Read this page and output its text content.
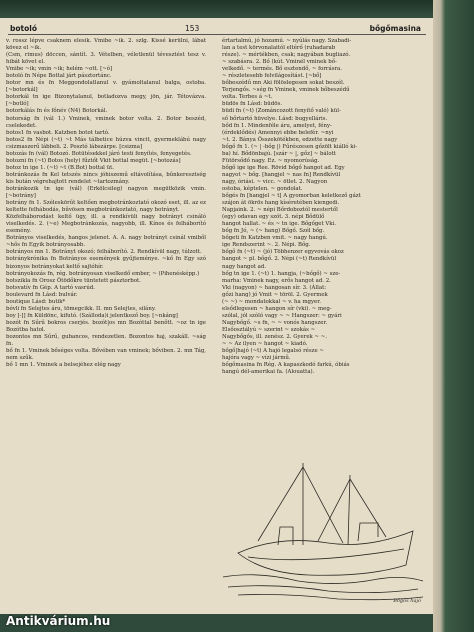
botoló	153	bőgőmasina

v. rossz lépve csaknem elesik. Vmibe ~ik. 2. szlg. Kissé kerülni, lábat kövez el ~ik.

(Csm, rimus) döccen, sántít. 3. Vételben, véletlenül tévesztést tesz v. hibát követ el.

Vmibe ~ik; vmin ~ik; helém ~ott. [~ó]

botoló fn Népe Bottal járt pásztortánc.

botor mn és fn Meggondolatlanul v. gyámoltalanul balga, ostoba. [~botorkál]

botorkál tn ige Bizonytalanul, botladozva megy, jön, jár. Tétovázva. [~botló]

botorkálás fn és főnév (N4) Botorkál.

botorság fn (vál 1.) Vminek, vminek botor volta. 2. Botor beszéd, cselekedet.

botos1 fn vasbot. Katzben botot tartó.

botos2 fn Népi (~t) ~t Más tálbetice húzva vincit, gyermeklábú nagy csizmaszerű lábbeli. 2. Posztó lábszárpe. [csizma]

botozás fn (vál) Botozó. Botütésekkel járó testi fenyítés, fenyegetés.

botozni fn (~t) Botos (hely) fűztőt Vkit bottal megüt. [~botozás]

botoz tn ige 1. (~t) ~t (B.Bot) bottal üt.

botránkozás fn Kel tetszés nincs jóhiszemű eltávolítása, bűnkeresztség kis bután végrehajtott rendelet ~tartozmány.

botránkozik tn ige (vál) (Erkölcsileg) nagyon megütközik vmin. [~botrány]

botrány fn 1. Széleskörűt keltően megbotránkoztató okozó eset, ill. az ez keltette felhábodás, bűvösen megbotránkoztató, nagy botrányt.

Közfelháborodást keltő ügy, ill. a rendkívüli nagy botrányt csináló viselkedés. 2. (~e) Megbotránkozás, nagyobb, ill. Kínos és felháborító esemény.

Botrányos viselkedés, hangos jelenet. A. A. nagy botrányt csinál vmiből ~hős fn Egyik botrányosabb.

botrányos mn 1. Botrányt okozó; felháborító. 2. Rendkívül nagy, túlzott.

botránykrónika fn Botrányos események gyűjteménye. ~kő fn Egy szó bizonyos botrányokat keltő sajtóhír.

botrányokozás fn, rég. botrányosan viselkedő ember, ~ (Pihenésképp.)

botszikla fn Orosz Ötödőkre tüntetett pásztorbot.

botsvatív fn Gép. A tartó vasrúd.

boulevard fn Lásd: bulvár.

boutique Lásd: butik*

bóvli fn Selejtes áru, tömegcikk. II. mn Selejtes, silány.

boy [-]] fn Küldönc, kifutó. (Szálloda)i jelentkező boy. [~nkáng]

bozót fn Sűrű bokros cserjés. bozót|os mn Bozóttal benőtt. ~oz tn ige Bozótba hatol.

bozontos mn Sűrű, gubancos, rendezetlen. Bozontos haj, szakáll. ~ság fn.

bő fn 1. Vminek bőséges volta. Bővében van vminek; bőviben. 2. mn Tág, nem szűk.

bő 1 mn 1. Vminek a belsejéhez elég nagy

értartalmú, jó hozamú. ~ nyúlás nagy. Szabadi-

lan a test körvonalaitól eltérő (ruhadarab

része). ~ mértékben, csak; nagyában bugliazó.

~ szabásra. 2. Bő (kút. Vminél vminek bő-

velkedő. ~ termés. Bő esztendő, ~ forrásra.

~ részletesebb felvilágosítást. [~bő]

bőbeszédű mn Aki fölöslegesen sokat beszél.

Terjengős. ~ség fn Vminek, vminek bőbeszédű

volta. Terbes á ~t.

büdös fn Lásd: büdös.

büdi fn (~t) (Zománcozott fenyítő való) kül-

ső bőrtartó hüvelye. Lásd: bugyelláris.

bőd fn 1. Mindenféle áru, amelyet, fény-

(érdeklődés) Amennyi ebbe belefér. ~nyi

~t. 2. Bánya Összekötékben, edzette nagy

bőgő fn 1. (~ | -bőg |) Fűrészesen gőzölt kiálló ki-

ba) hí. Bődönbajú. [szár ~ |, gőz] ~ bálott

Fütörsődő nagy. Ez. ~ nyomorúság.

bőgő ige ige Ree. Rövid bőgő hangot ad. Egy

nagyot ~ bőg. [hangjel ~ nas fn] Rendkívül

nagy, óriási. ~ vicc. ~ ötlet. 2. Nagyon

ostoba, képtelen. ~ gondolat.

bőgés fn [hangjel ~ t] A gyomorban keletkező gázt

szájon át ökrös hang kíséretében kiengedi.

Napjaink. 2. ~ népi Bőrdoboztól mestertől

(egy) odavan egy szót. 3. népi Bődülő

hangot hallat. ~ és ~ tn ige. Bőgőget Vki.

bőg fn Jó, ~ (~ hang) Bőgő. Szél bőg.

bőgeti fn Katzben vmit. ~ nagy hangú.

ige Rendszerint ~. 2. Népi. Bőg.

bőgő fn (~t) ~ (jó) Töbhenzer egyvovás okoz

hangot ~ pl. bőgő. 2. Népi (~t) Rendkívül

nagy hangot ad.

bőg tn ige 1. (~t) 1. hangja, (~bőgő) ~ sze-

marha: Vminek nagy, erős hangot ad. 2.

Vki (nagyon) ~ hangosan sír. 3. (Állat:

gőzi hang) jó Vmit ~ töröl. 2. Gyermek

(~ ~) ~ mondatokkal ~ v. ha mgyer.

elsődlegesen ~ hangon sír (vki). ~ meg-

szólal, jól szóló vagy ~ ~ Hangszer: ~ gyári

Nagybőgő. ~s fn, ~ ~ vonós hangszer.

Elsőosztályú ~ szerint ~ szokás ~

Nagybőgős, ill. zenész. 2. Gyerek ~ ~.

~ ~ Az ilyen ~ hangot ~ kiadó.

bőgő|hajó (~t) A hajó legalsó része ~

hajóra vagy ~ vízi jármű.

bőgőmasina fn Rég. A kapaszkodó farkú, óbiás

hangú dél-amerikai fa. (Alouatta).

Bőgős hajó
Antikvárium.hu
